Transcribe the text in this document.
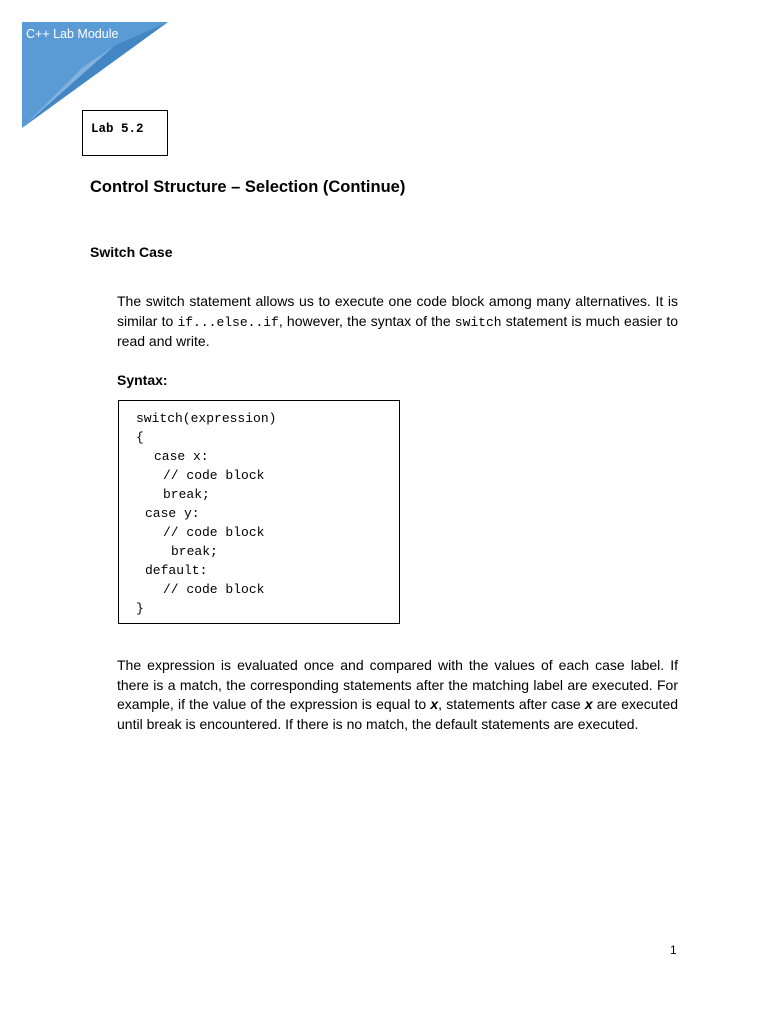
C++ Lab Module
Lab 5.2
Control Structure – Selection (Continue)
Switch Case

The switch statement allows us to execute one code block among many alternatives. It is similar to if...else..if, however, the syntax of the switch statement is much easier to read and write.

Syntax:

switch(expression)
{
case x:
// code block
break;
case y:
// code block
break;
default:
// code block
}

The expression is evaluated once and compared with the values of each case label. If there is a match, the corresponding statements after the matching label are executed. For example, if the value of the expression is equal to x, statements after case x are executed until break is encountered. If there is no match, the default statements are executed.

1
